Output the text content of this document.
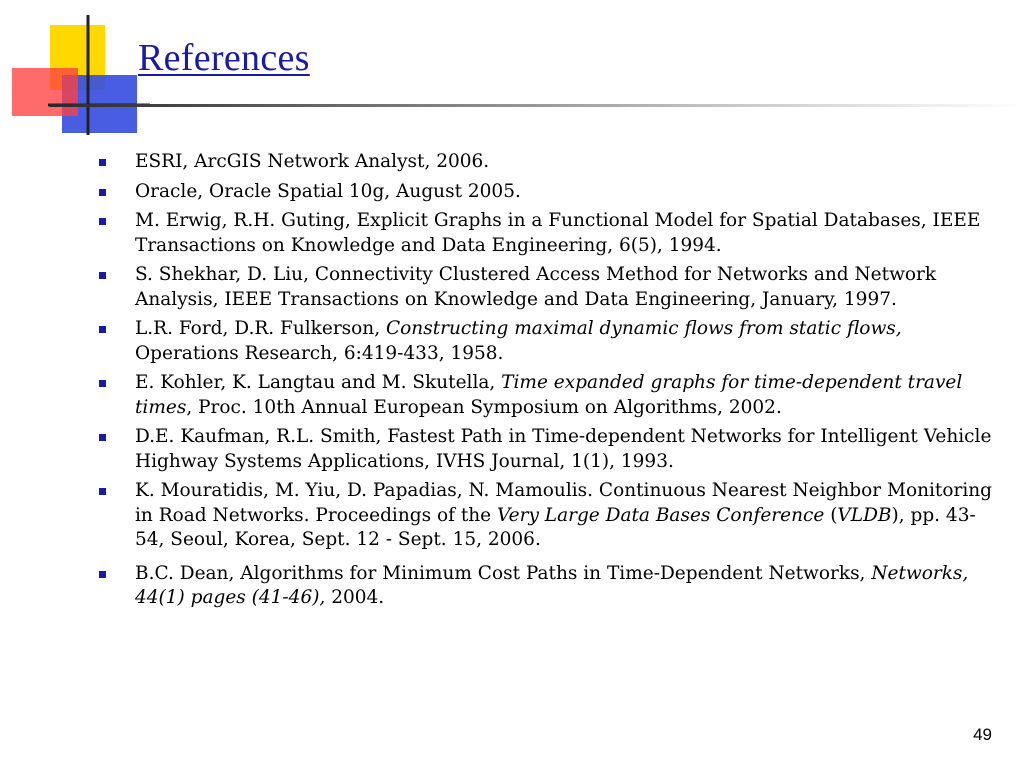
References
ESRI, ArcGIS Network Analyst, 2006.
Oracle, Oracle Spatial 10g, August 2005.
M. Erwig, R.H. Guting, Explicit Graphs in a Functional Model for Spatial Databases, IEEE Transactions on Knowledge and Data Engineering, 6(5), 1994.
S. Shekhar, D. Liu, Connectivity Clustered Access Method for Networks and Network Analysis, IEEE Transactions on Knowledge and Data Engineering, January, 1997.
L.R. Ford, D.R. Fulkerson, Constructing maximal dynamic flows from static flows, Operations Research, 6:419-433, 1958.
E. Kohler, K. Langtau and M. Skutella, Time expanded graphs for time-dependent travel times, Proc. 10th Annual European Symposium on Algorithms, 2002.
D.E. Kaufman, R.L. Smith, Fastest Path in Time-dependent Networks for Intelligent Vehicle Highway Systems Applications, IVHS Journal, 1(1), 1993.
K. Mouratidis, M. Yiu, D. Papadias, N. Mamoulis. Continuous Nearest Neighbor Monitoring in Road Networks. Proceedings of the Very Large Data Bases Conference (VLDB), pp. 43-54, Seoul, Korea, Sept. 12 - Sept. 15, 2006.
B.C. Dean, Algorithms for Minimum Cost Paths in Time-Dependent Networks, Networks, 44(1) pages (41-46), 2004.
49
